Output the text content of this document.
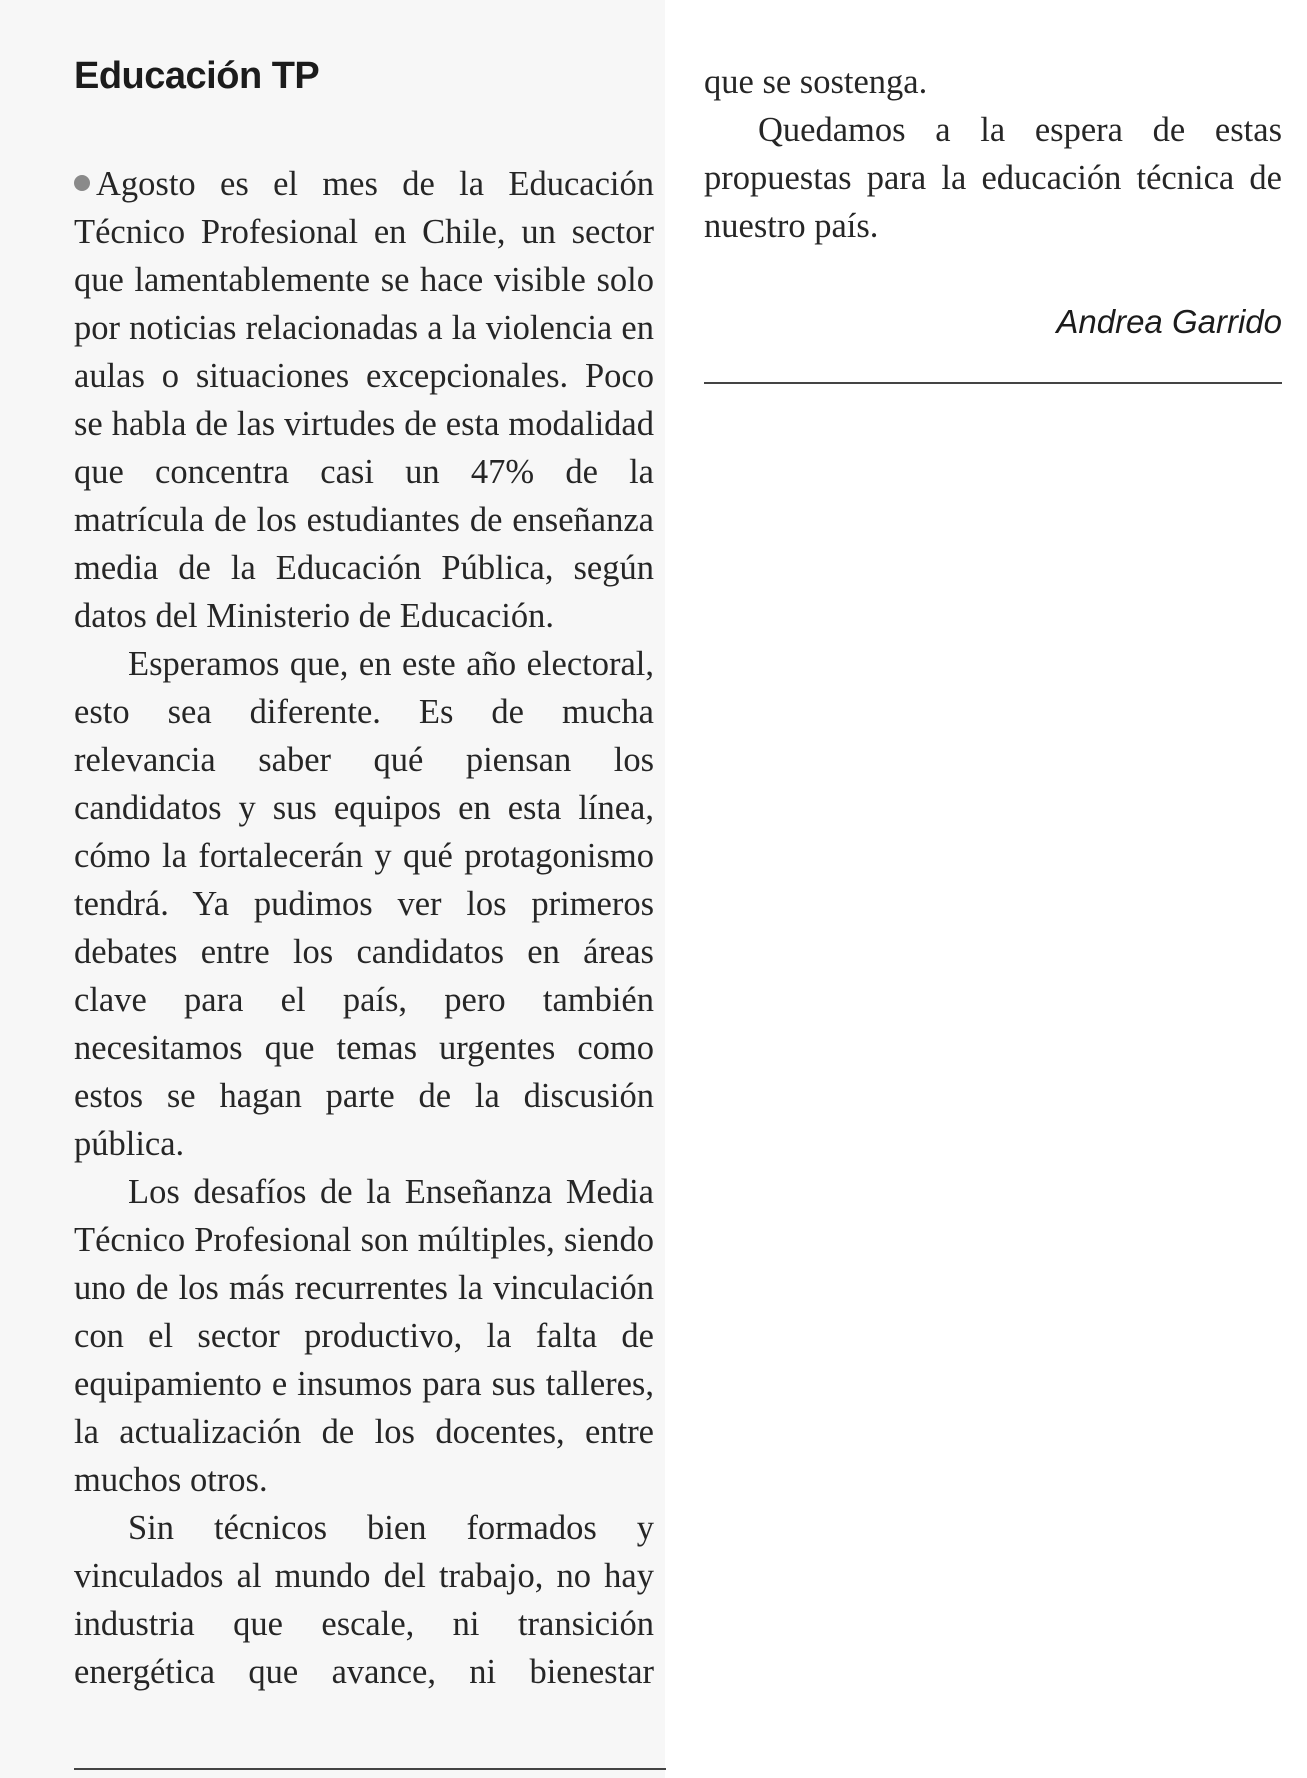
Educación TP

Agosto es el mes de la Educación Técnico Profesional en Chile, un sector que lamentablemente se hace visible solo por noticias relacionadas a la violencia en aulas o situaciones excepcionales. Poco se habla de las virtudes de esta modalidad que concentra casi un 47% de la matrícula de los estudiantes de enseñanza media de la Educación Pública, según datos del Ministerio de Educación.

Esperamos que, en este año electoral, esto sea diferente. Es de mucha relevancia saber qué piensan los candidatos y sus equipos en esta línea, cómo la fortalecerán y qué protagonismo tendrá. Ya pudimos ver los primeros debates entre los candidatos en áreas clave para el país, pero también necesitamos que temas urgentes como estos se hagan parte de la discusión pública.

Los desafíos de la Enseñanza Media Técnico Profesional son múltiples, siendo uno de los más recurrentes la vinculación con el sector productivo, la falta de equipamiento e insumos para sus talleres, la actualización de los docentes, entre muchos otros.

Sin técnicos bien formados y vinculados al mundo del trabajo, no hay industria que escale, ni transición energética que avance, ni bienestar

que se sostenga.

Quedamos a la espera de estas propuestas para la educación técnica de nuestro país.

Andrea Garrido
